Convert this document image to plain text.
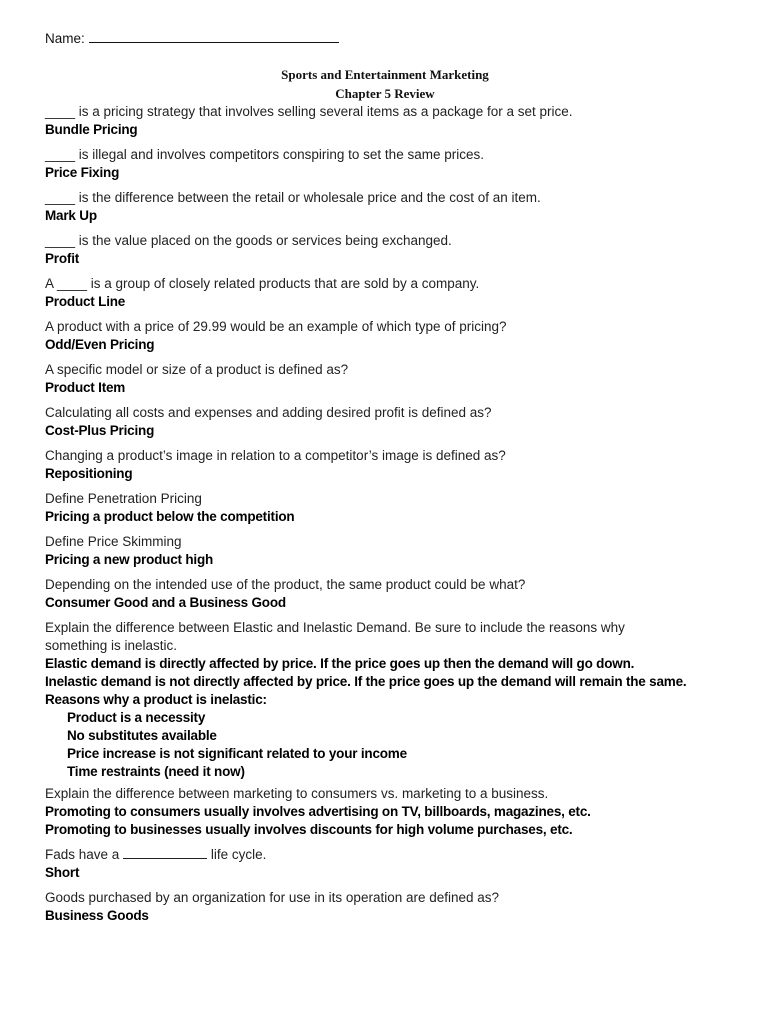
Name:
Sports and Entertainment Marketing
Chapter 5 Review
____ is a pricing strategy that involves selling several items as a package for a set price.
Bundle Pricing
____ is illegal and involves competitors conspiring to set the same prices.
Price Fixing
____ is the difference between the retail or wholesale price and the cost of an item.
Mark Up
____ is the value placed on the goods or services being exchanged.
Profit
A ____ is a group of closely related products that are sold by a company.
Product Line
A product with a price of 29.99 would be an example of which type of pricing?
Odd/Even Pricing
A specific model or size of a product is defined as?
Product Item
Calculating all costs and expenses and adding desired profit is defined as?
Cost-Plus Pricing
Changing a product’s image in relation to a competitor’s image is defined as?
Repositioning
Define Penetration Pricing
Pricing a product below the competition
Define Price Skimming
Pricing a new product high
Depending on the intended use of the product, the same product could be what?
Consumer Good and a Business Good
Explain the difference between Elastic and Inelastic Demand. Be sure to include the reasons why
something is inelastic.
Elastic demand is directly affected by price. If the price goes up then the demand will go down.
Inelastic demand is not directly affected by price. If the price goes up the demand will remain the same.
Reasons why a product is inelastic:
Product is a necessity
No substitutes available
Price increase is not significant related to your income
Time restraints (need it now)
Explain the difference between marketing to consumers vs. marketing to a business.
Promoting to consumers usually involves advertising on TV, billboards, magazines, etc.
Promoting to businesses usually involves discounts for high volume purchases, etc.
Fads have a	life cycle.
Short
Goods purchased by an organization for use in its operation are defined as?
Business Goods
